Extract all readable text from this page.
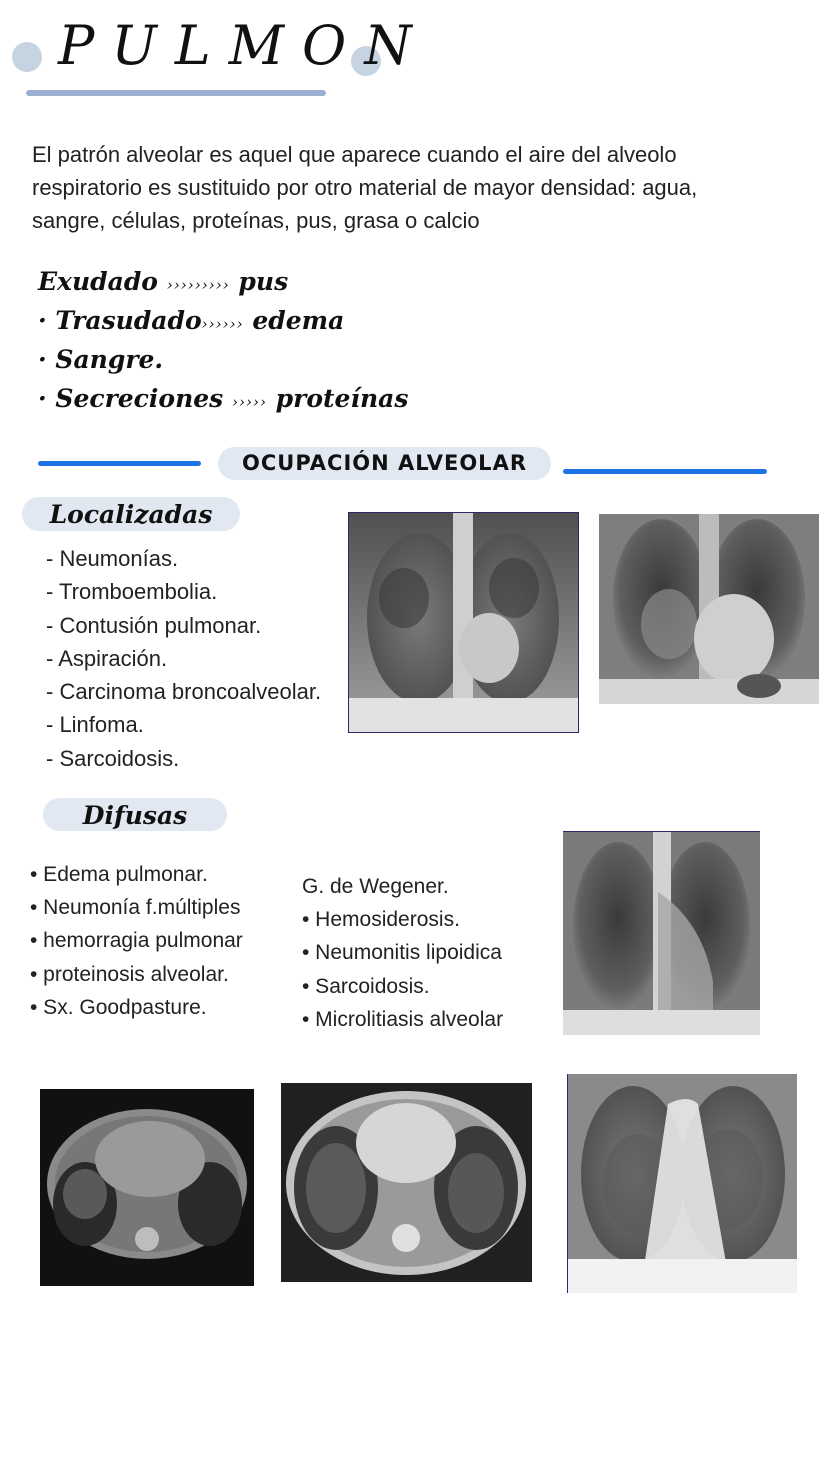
PULMON
El patrón alveolar es aquel que aparece cuando el aire del alveolo respiratorio es sustituido por otro material de mayor densidad: agua, sangre, células, proteínas, pus, grasa o calcio
Exudado ››››››››› pus
· Trasudado›››››› edema
· Sangre.
· Secreciones ››››› proteínas
OCUPACIÓN ALVEOLAR
Localizadas
- Neumonías.
- Tromboembolia.
- Contusión pulmonar.
- Aspiración.
- Carcinoma broncoalveolar.
- Linfoma.
- Sarcoidosis.
Difusas
• Edema pulmonar.
• Neumonía f.múltiples
• hemorragia pulmonar
• proteinosis alveolar.
• Sx. Goodpasture.
G. de Wegener.
• Hemosiderosis.
• Neumonitis lipoidica
• Sarcoidosis.
• Microlitiasis alveolar
